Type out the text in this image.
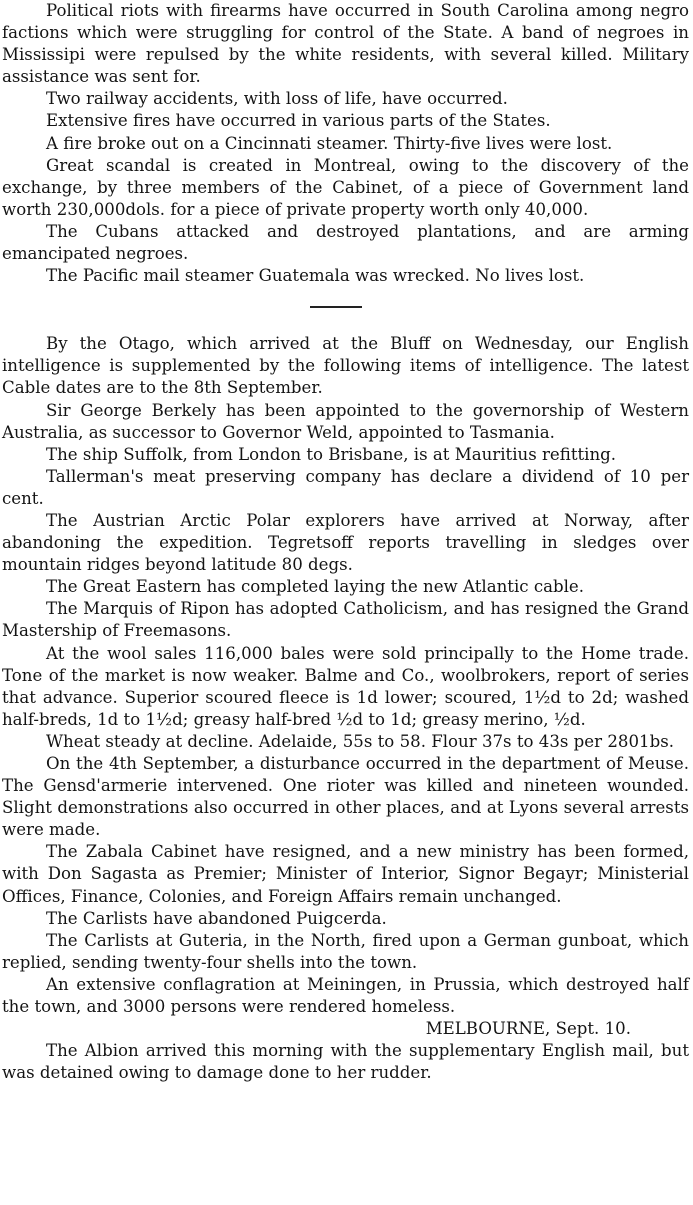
Political riots with firearms have occurred in South Carolina among negro factions which were struggling for control of the State. A band of negroes in Mississipi were repulsed by the white residents, with several killed. Military assistance was sent for.

Two railway accidents, with loss of life, have occurred.

Extensive fires have occurred in various parts of the States.

A fire broke out on a Cincinnati steamer. Thirty-five lives were lost.

Great scandal is created in Montreal, owing to the discovery of the exchange, by three members of the Cabinet, of a piece of Government land worth 230,000dols. for a piece of private property worth only 40,000.

The Cubans attacked and destroyed plantations, and are arming emancipated negroes.

The Pacific mail steamer Guatemala was wrecked. No lives lost.

By the Otago, which arrived at the Bluff on Wednesday, our English intelligence is supplemented by the following items of intelligence. The latest Cable dates are to the 8th September.

Sir George Berkely has been appointed to the governorship of Western Australia, as successor to Governor Weld, appointed to Tasmania.

The ship Suffolk, from London to Brisbane, is at Mauritius refitting.

Tallerman's meat preserving company has declare a dividend of 10 per cent.

The Austrian Arctic Polar explorers have arrived at Norway, after abandoning the expedition. Tegretsoff reports travelling in sledges over mountain ridges beyond latitude 80 degs.

The Great Eastern has completed laying the new Atlantic cable.

The Marquis of Ripon has adopted Catholicism, and has resigned the Grand Mastership of Freemasons.

At the wool sales 116,000 bales were sold principally to the Home trade. Tone of the market is now weaker. Balme and Co., woolbrokers, report of series that advance. Superior scoured fleece is 1d lower; scoured, 1½d to 2d; washed half-breds, 1d to 1½d; greasy half-bred ½d to 1d; greasy merino, ½d.

Wheat steady at decline. Adelaide, 55s to 58. Flour 37s to 43s per 2801bs.

On the 4th September, a disturbance occurred in the department of Meuse. The Gensd'armerie intervened. One rioter was killed and nineteen wounded. Slight demonstrations also occurred in other places, and at Lyons several arrests were made.

The Zabala Cabinet have resigned, and a new ministry has been formed, with Don Sagasta as Premier; Minister of Interior, Signor Begayr; Ministerial Offices, Finance, Colonies, and Foreign Affairs remain unchanged.

The Carlists have abandoned Puigcerda.

The Carlists at Guteria, in the North, fired upon a German gunboat, which replied, sending twenty-four shells into the town.

An extensive conflagration at Meiningen, in Prussia, which destroyed half the town, and 3000 persons were rendered homeless.

MELBOURNE, Sept. 10.

The Albion arrived this morning with the supplementary English mail, but was detained owing to damage done to her rudder.
